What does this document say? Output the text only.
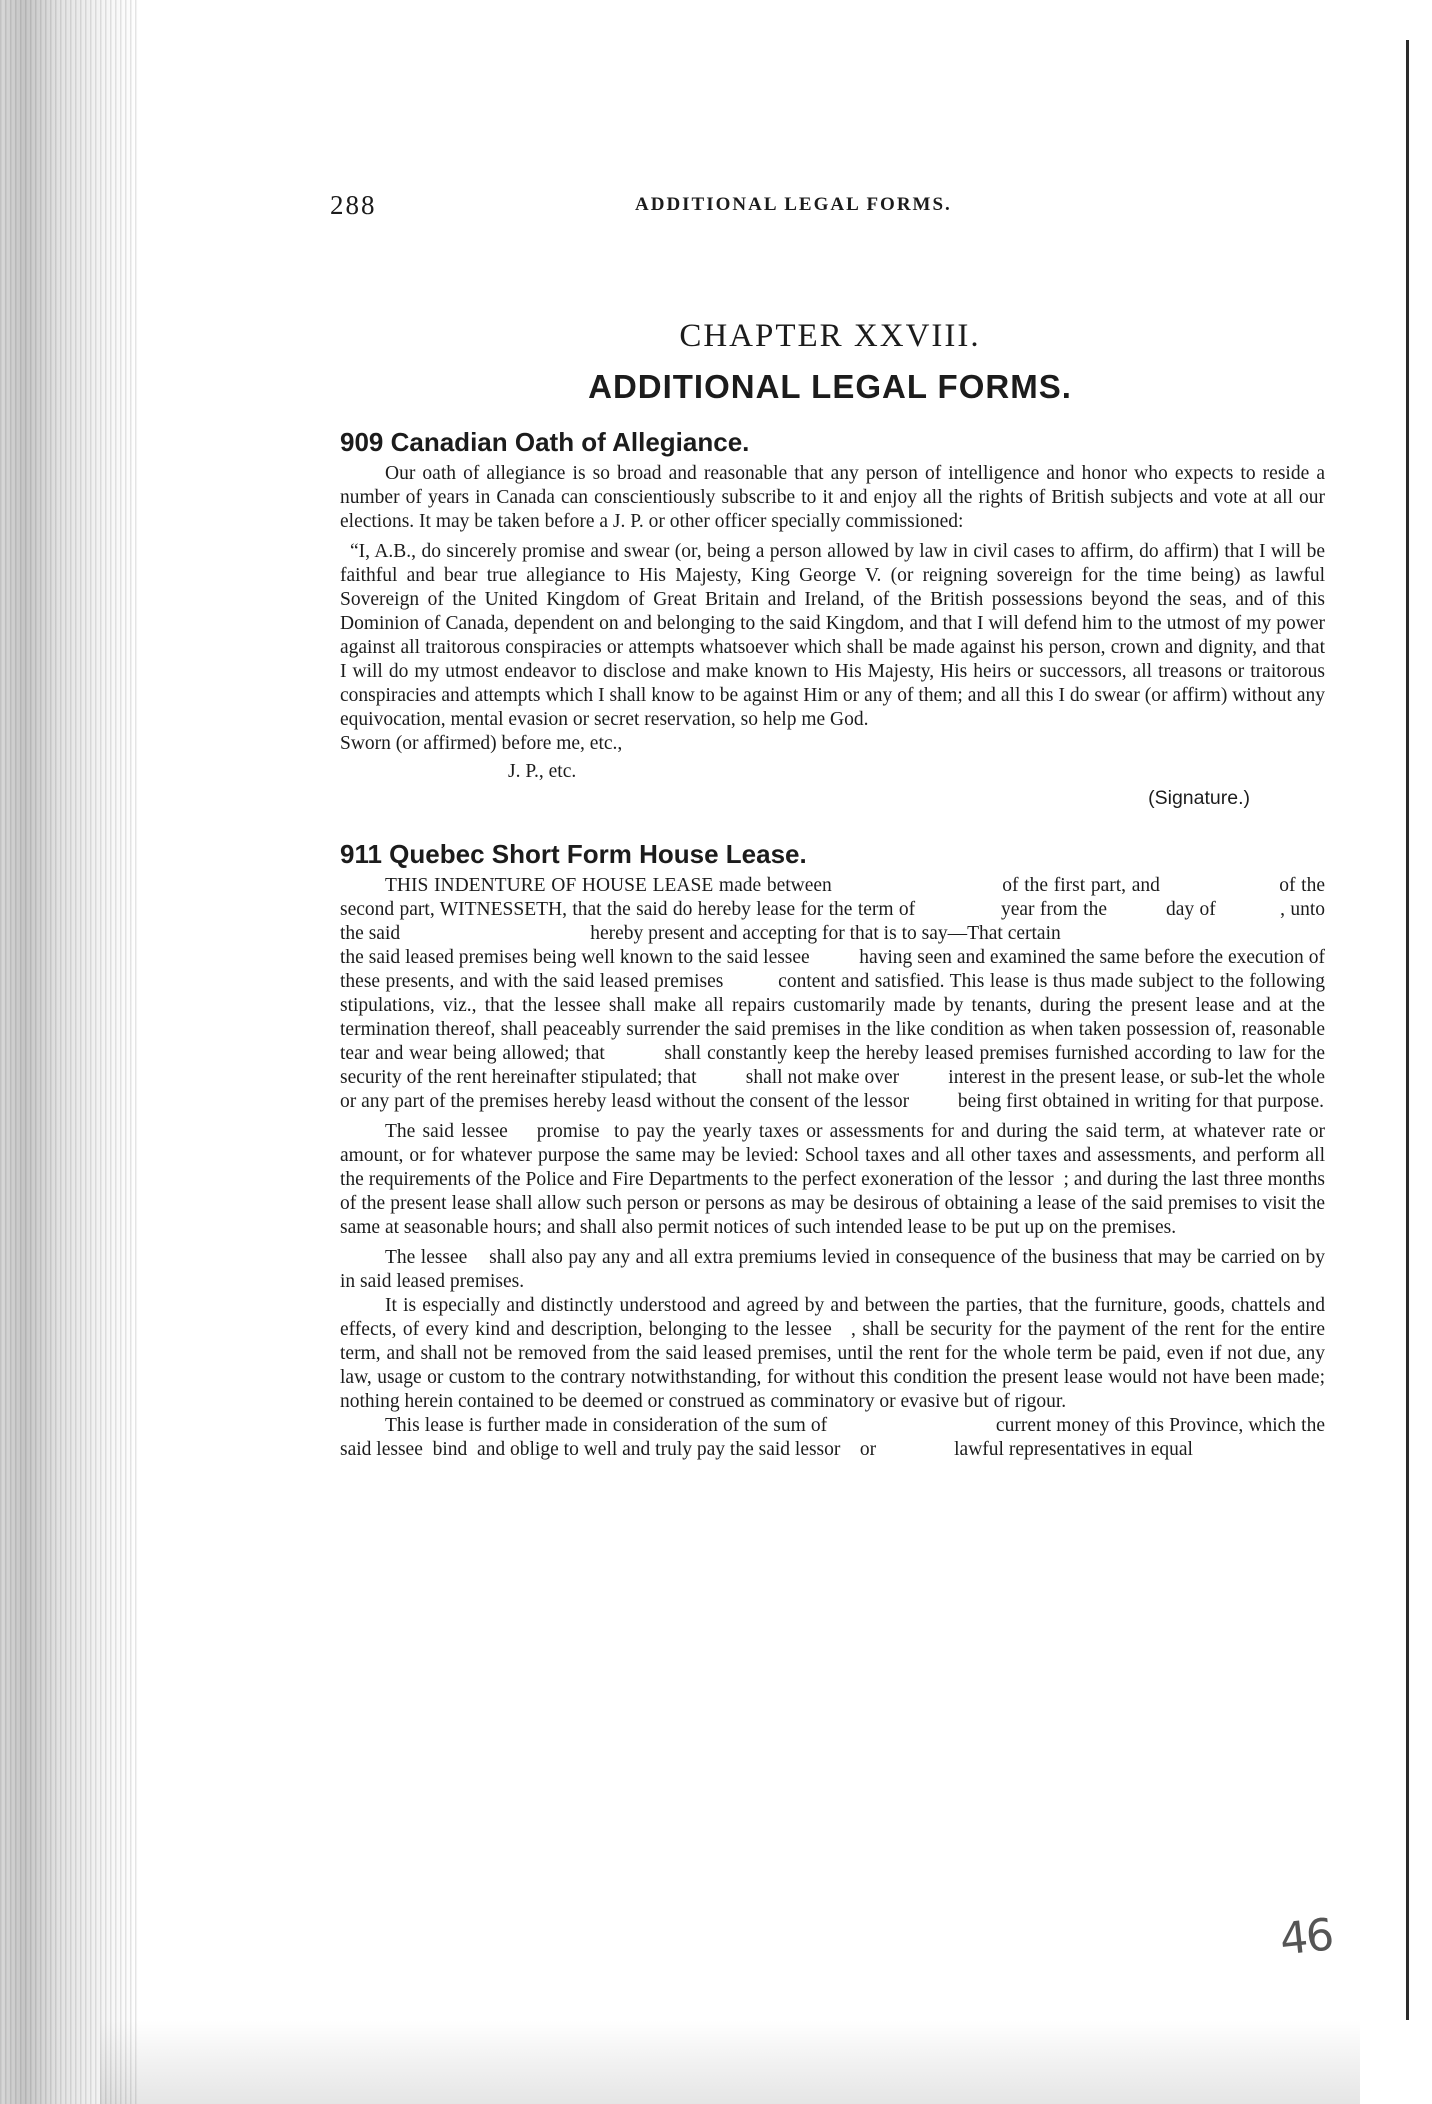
288	ADDITIONAL LEGAL FORMS.
CHAPTER XXVIII.
ADDITIONAL LEGAL FORMS.
909 Canadian Oath of Allegiance.

Our oath of allegiance is so broad and reasonable that any person of intelligence and honor who expects to reside a number of years in Canada can conscientiously subscribe to it and enjoy all the rights of British subjects and vote at all our elections. It may be taken before a J. P. or other officer specially commissioned:

“I, A.B., do sincerely promise and swear (or, being a person allowed by law in civil cases to affirm, do affirm) that I will be faithful and bear true allegiance to His Majesty, King George V. (or reigning sovereign for the time being) as lawful Sovereign of the United Kingdom of Great Britain and Ireland, of the British possessions beyond the seas, and of this Dominion of Canada, dependent on and belonging to the said Kingdom, and that I will defend him to the utmost of my power against all traitorous conspiracies or attempts whatsoever which shall be made against his person, crown and dignity, and that I will do my utmost endeavor to disclose and make known to His Majesty, His heirs or successors, all treasons or traitorous conspiracies and attempts which I shall know to be against Him or any of them; and all this I do swear (or affirm) without any equivocation, mental evasion or secret reservation, so help me God.

Sworn (or affirmed) before me, etc.,

J. P., etc.

(Signature.)

911 Quebec Short Form House Lease.

THIS INDENTURE OF HOUSE LEASE made between                              of the first part, and                     of the second part, WITNESSETH, that the said do hereby lease for the term of                year from the           day of            , unto the said                                       hereby present and accepting for that is to say—That certain

the said leased premises being well known to the said lessee          having seen and examined the same before the execution of these presents, and with the said leased premises          content and satisfied. This lease is thus made subject to the following stipulations, viz., that the lessee shall make all repairs customarily made by tenants, during the present lease and at the termination thereof, shall peaceably surrender the said premises in the like condition as when taken possession of, reasonable tear and wear being allowed; that          shall constantly keep the hereby leased premises furnished according to law for the security of the rent hereinafter stipulated; that          shall not make over          interest in the present lease, or sub-let the whole or any part of the premises hereby leasd without the consent of the lessor          being first obtained in writing for that purpose.

The said lessee    promise  to pay the yearly taxes or assessments for and during the said term, at whatever rate or amount, or for whatever purpose the same may be levied: School taxes and all other taxes and assessments, and perform all the requirements of the Police and Fire Departments to the perfect exoneration of the lessor  ; and during the last three months of the present lease shall allow such person or persons as may be desirous of obtaining a lease of the said premises to visit the same at seasonable hours; and shall also permit notices of such intended lease to be put up on the premises.

The lessee    shall also pay any and all extra premiums levied in consequence of the business that may be carried on by          in said leased premises.

It is especially and distinctly understood and agreed by and between the parties, that the furniture, goods, chattels and effects, of every kind and description, belonging to the lessee   , shall be security for the payment of the rent for the entire term, and shall not be removed from the said leased premises, until the rent for the whole term be paid, even if not due, any law, usage or custom to the contrary notwithstanding, for without this condition the present lease would not have been made; nothing herein contained to be deemed or construed as comminatory or evasive but of rigour.

This lease is further made in consideration of the sum of                                 current money of this Province, which the said lessee  bind  and oblige to well and truly pay the said lessor    or                lawful representatives in equal

46
